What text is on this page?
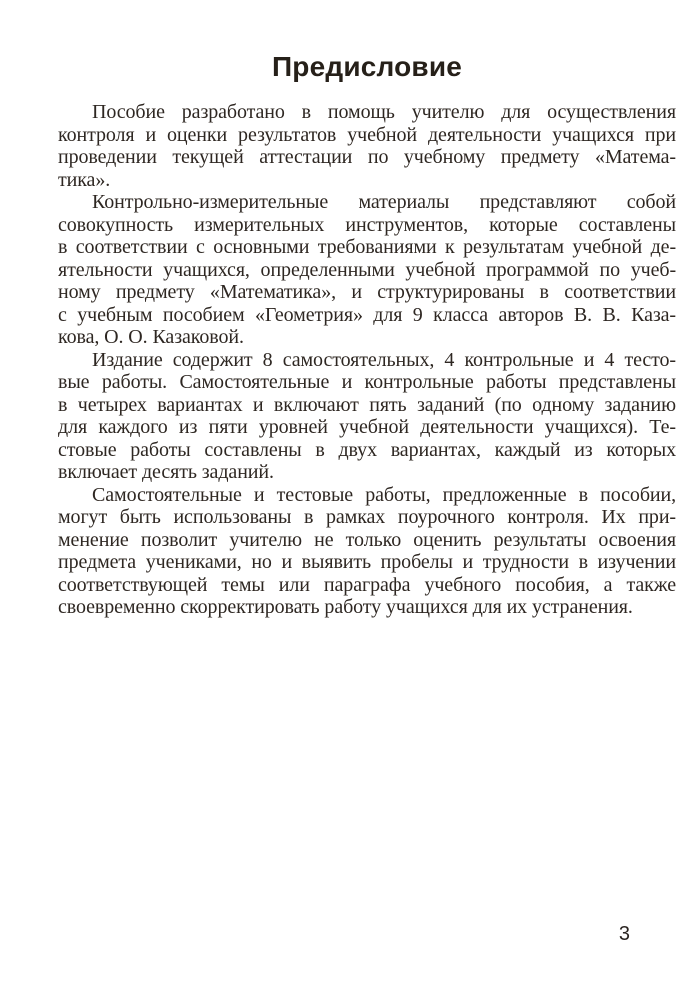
Предисловие
Пособие разработано в помощь учителю для осуществления
контроля и оценки результатов учебной деятельности учащихся при
проведении текущей аттестации по учебному предмету «Матема-
тика».
Контрольно-измерительные материалы представляют собой
совокупность измерительных инструментов, которые составлены
в соответствии с основными требованиями к результатам учебной де-
ятельности учащихся, определенными учебной программой по учеб-
ному предмету «Математика», и структурированы в соответствии
с учебным пособием «Геометрия» для 9 класса авторов В. В. Каза-
кова, О. О. Казаковой.
Издание содержит 8 самостоятельных, 4 контрольные и 4 тесто-
вые работы. Самостоятельные и контрольные работы представлены
в четырех вариантах и включают пять заданий (по одному заданию
для каждого из пяти уровней учебной деятельности учащихся). Те-
стовые работы составлены в двух вариантах, каждый из которых
включает десять заданий.
Самостоятельные и тестовые работы, предложенные в пособии,
могут быть использованы в рамках поурочного контроля. Их при-
менение позволит учителю не только оценить результаты освоения
предмета учениками, но и выявить пробелы и трудности в изучении
соответствующей темы или параграфа учебного пособия, а также
своевременно скорректировать работу учащихся для их устранения.
3
